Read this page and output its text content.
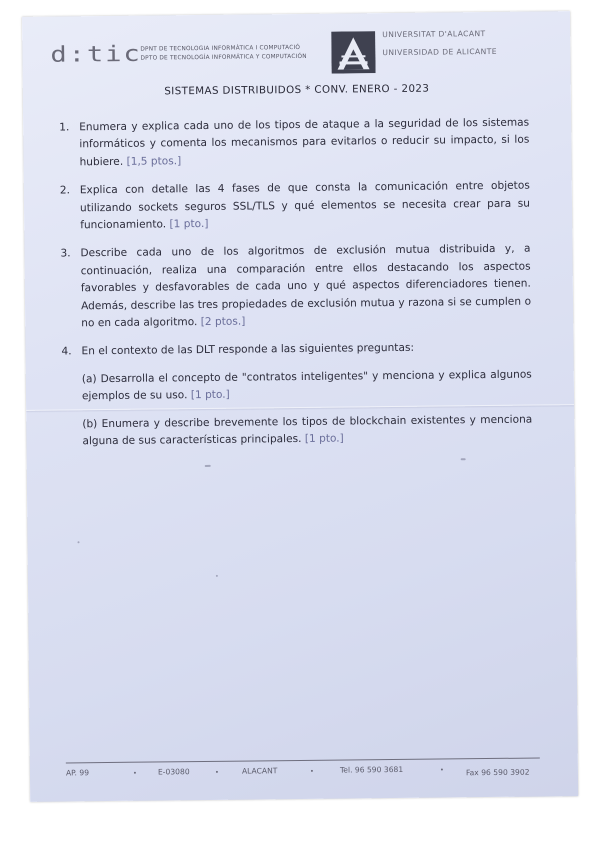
d:tic
DPNT DE TECNOLOGIA INFORMÀTICA I COMPUTACIÓ
DPTO DE TECNOLOGÍA INFORMÁTICA Y COMPUTACIÓN
UNIVERSITAT D'ALACANT
UNIVERSIDAD DE ALICANTE
SISTEMAS DISTRIBUIDOS * CONV. ENERO - 2023
1. Enumera y explica cada uno de los tipos de ataque a la seguridad de los sistemas informáticos y comenta los mecanismos para evitarlos o reducir su impacto, si los hubiere. [1,5 ptos.]
2. Explica con detalle las 4 fases de que consta la comunicación entre objetos utilizando sockets seguros SSL/TLS y qué elementos se necesita crear para su funcionamiento. [1 pto.]
3. Describe cada uno de los algoritmos de exclusión mutua distribuida y, a continuación, realiza una comparación entre ellos destacando los aspectos favorables y desfavorables de cada uno y qué aspectos diferenciadores tienen. Además, describe las tres propiedades de exclusión mutua y razona si se cumplen o no en cada algoritmo. [2 ptos.]
4. En el contexto de las DLT responde a las siguientes preguntas:
(a) Desarrolla el concepto de "contratos inteligentes" y menciona y explica algunos ejemplos de su uso. [1 pto.]
(b) Enumera y describe brevemente los tipos de blockchain existentes y menciona alguna de sus características principales. [1 pto.]
AP. 99	E-03080	ALACANT	Tel. 96 590 3681	Fax 96 590 3902
